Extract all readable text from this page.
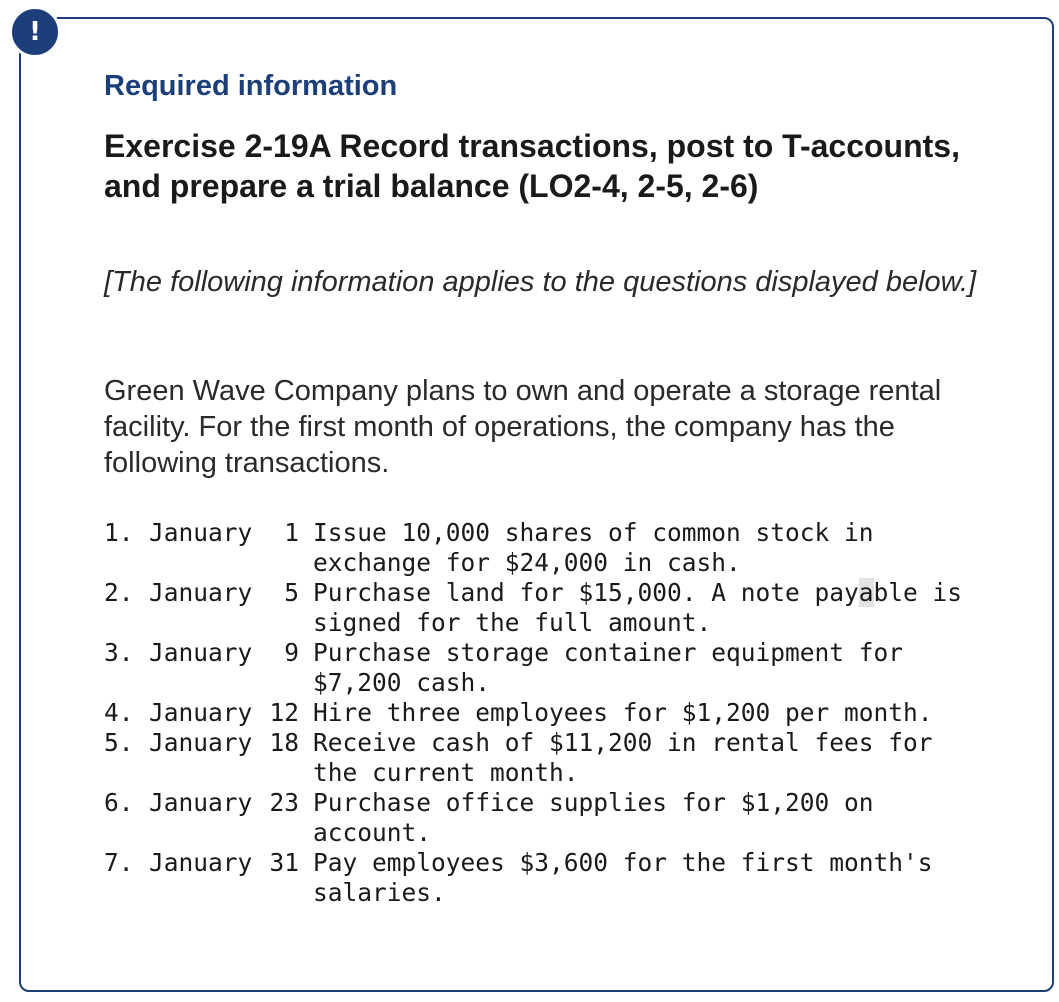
!
Required information
Exercise 2-19A Record transactions, post to T-accounts, and prepare a trial balance (LO2-4, 2-5, 2-6)

[The following information applies to the questions displayed below.]

Green Wave Company plans to own and operate a storage rental facility. For the first month of operations, the company has the following transactions.

1. January	1 Issue 10,000 shares of common stock in exchange for $24,000 in cash.
2. January	5 Purchase land for $15,000. A note payable is signed for the full amount.
3. January	9 Purchase storage container equipment for $7,200 cash.
4. January 12 Hire three employees for $1,200 per month.
5. January 18 Receive cash of $11,200 in rental fees for the current month.
6. January 23 Purchase office supplies for $1,200 on account.
7. January 31 Pay employees $3,600 for the first month's salaries.
